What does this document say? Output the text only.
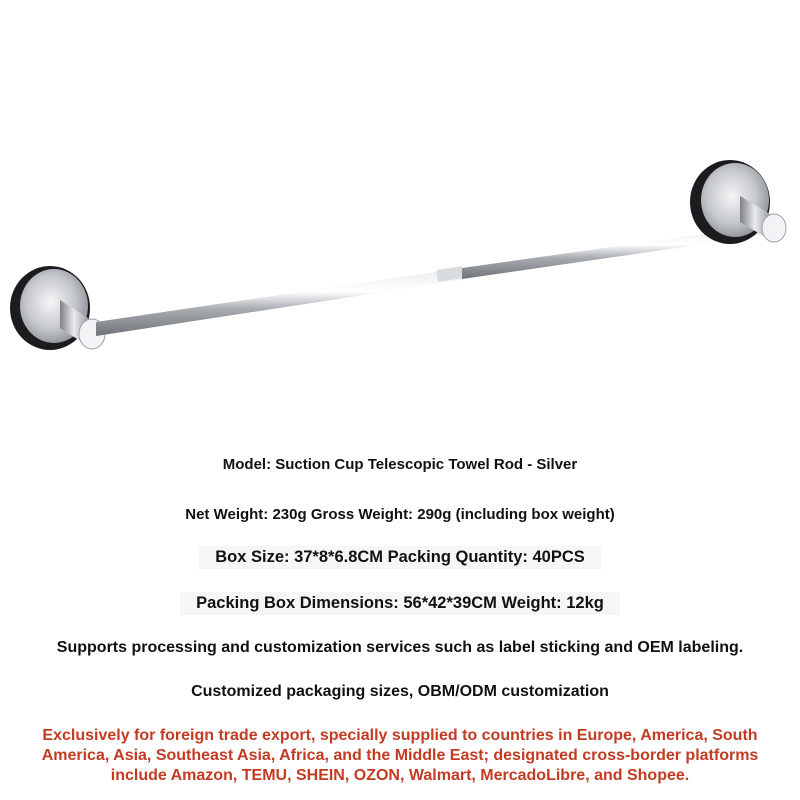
Model: Suction Cup Telescopic Towel Rod - Silver
Net Weight: 230g Gross Weight: 290g (including box weight)
Box Size: 37*8*6.8CM Packing Quantity: 40PCS
Packing Box Dimensions: 56*42*39CM Weight: 12kg
Supports processing and customization services such as label sticking and OEM labeling.
Customized packaging sizes, OBM/ODM customization
Exclusively for foreign trade export, specially supplied to countries in Europe, America, South America, Asia, Southeast Asia, Africa, and the Middle East; designated cross-border platforms include Amazon, TEMU, SHEIN, OZON, Walmart, MercadoLibre, and Shopee.
